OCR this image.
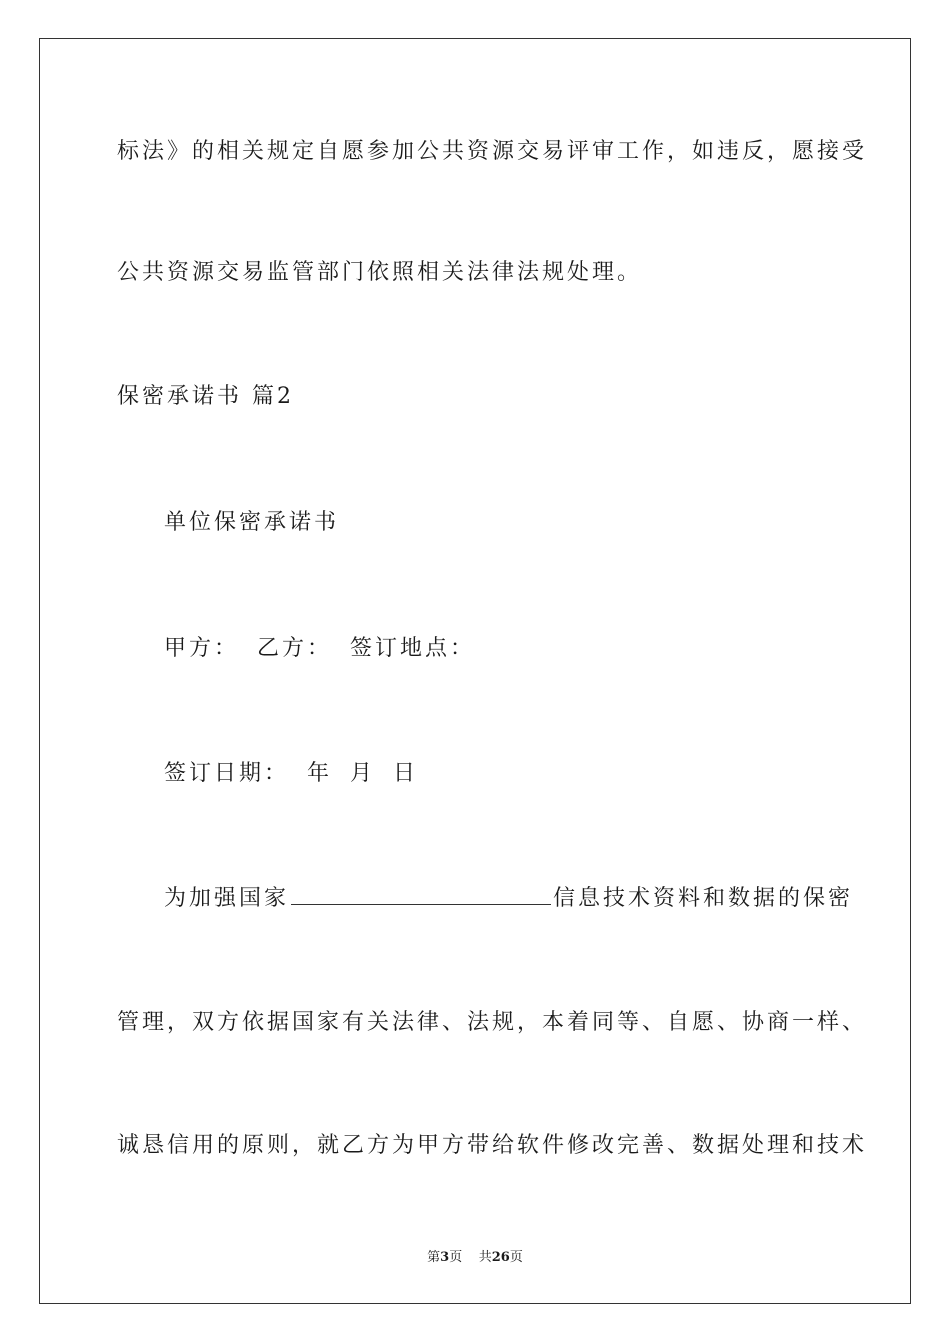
标法》的相关规定自愿参加公共资源交易评审工作，如违反，愿接受
公共资源交易监管部门依照相关法律法规处理。
保密承诺书 篇2
单位保密承诺书
甲方： 乙方： 签订地点：
签订日期： 年 月 日
为加强国家	信息技术资料和数据的保密
管理，双方依据国家有关法律、法规，本着同等、自愿、协商一样、
诚恳信用的原则，就乙方为甲方带给软件修改完善、数据处理和技术
第3页 共26页
